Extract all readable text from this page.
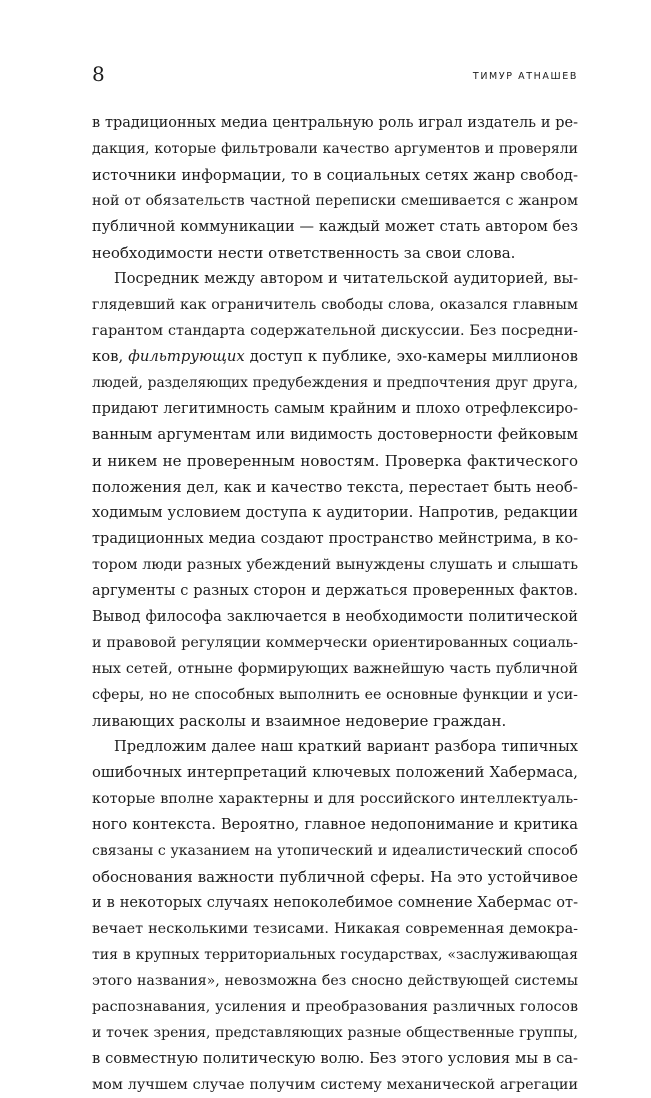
8	ТИМУР АТНАШЕВ
в традиционных медиа центральную роль играл издатель и ре-
дакция, которые фильтровали качество аргументов и проверяли
источники информации, то в социальных сетях жанр свобод-
ной от обязательств частной переписки смешивается с жанром
публичной коммуникации — каждый может стать автором без
необходимости нести ответственность за свои слова.
Посредник между автором и читательской аудиторией, вы-
глядевший как ограничитель свободы слова, оказался главным
гарантом стандарта содержательной дискуссии. Без посредни-
ков, фильтрующих доступ к публике, эхо-камеры миллионов
людей, разделяющих предубеждения и предпочтения друг друга,
придают легитимность самым крайним и плохо отрефлексиро-
ванным аргументам или видимость достоверности фейковым
и никем не проверенным новостям. Проверка фактического
положения дел, как и качество текста, перестает быть необ-
ходимым условием доступа к аудитории. Напротив, редакции
традиционных медиа создают пространство мейнстрима, в ко-
тором люди разных убеждений вынуждены слушать и слышать
аргументы с разных сторон и держаться проверенных фактов.
Вывод философа заключается в необходимости политической
и правовой регуляции коммерчески ориентированных социаль-
ных сетей, отныне формирующих важнейшую часть публичной
сферы, но не способных выполнить ее основные функции и уси-
ливающих расколы и взаимное недоверие граждан.
Предложим далее наш краткий вариант разбора типичных
ошибочных интерпретаций ключевых положений Хабермаса,
которые вполне характерны и для российского интеллектуаль-
ного контекста. Вероятно, главное недопонимание и критика
связаны с указанием на утопический и идеалистический способ
обоснования важности публичной сферы. На это устойчивое
и в некоторых случаях непоколебимое сомнение Хабермас от-
вечает несколькими тезисами. Никакая современная демокра-
тия в крупных территориальных государствах, «заслуживающая
этого названия», невозможна без сносно действующей системы
распознавания, усиления и преобразования различных голосов
и точек зрения, представляющих разные общественные группы,
в совместную политическую волю. Без этого условия мы в са-
мом лучшем случае получим систему механической агрегации
